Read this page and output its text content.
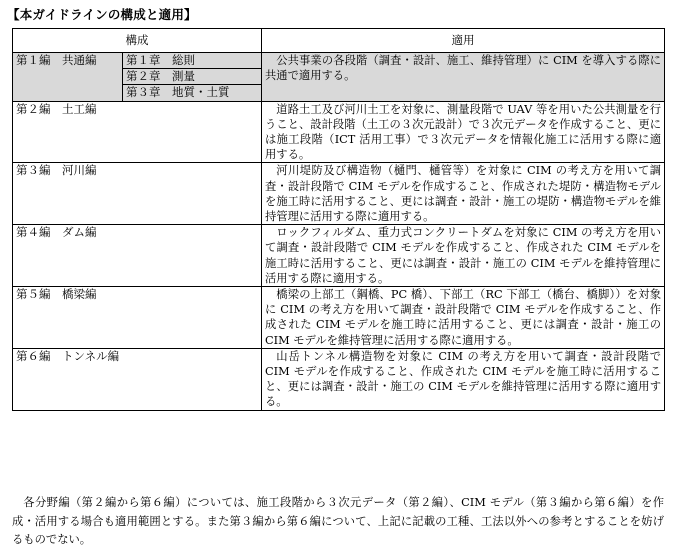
【本ガイドラインの構成と適用】
構成		適用
第１編　共通編	第１章　総則	公共事業の各段階（調査・設計、施工、維持管理）に CIM を導入する際に共通で適用する。
	第２章　測量	
	第３章　地質・土質	
第２編　土工編		道路土工及び河川土工を対象に、測量段階で UAV 等を用いた公共測量を行うこと、設計段階（土工の３次元設計）で３次元データを作成すること、更には施工段階（ICT 活用工事）で３次元データを情報化施工に活用する際に適用する。
第３編　河川編		河川堤防及び構造物（樋門、樋管等）を対象に CIM の考え方を用いて調査・設計段階で CIM モデルを作成すること、作成された堤防・構造物モデルを施工時に活用すること、更には調査・設計・施工の堤防・構造物モデルを維持管理に活用する際に適用する。
第４編　ダム編		ロックフィルダム、重力式コンクリートダムを対象に CIM の考え方を用いて調査・設計段階で CIM モデルを作成すること、作成された CIM モデルを施工時に活用すること、更には調査・設計・施工の CIM モデルを維持管理に活用する際に適用する。
第５編　橋梁編		橋梁の上部工（鋼橋、PC 橋）、下部工（RC 下部工（橋台、橋脚））を対象に CIM の考え方を用いて調査・設計段階で CIM モデルを作成すること、作成された CIM モデルを施工時に活用すること、更には調査・設計・施工の CIM モデルを維持管理に活用する際に適用する。
第６編　トンネル編		山岳トンネル構造物を対象に CIM の考え方を用いて調査・設計段階で CIM モデルを作成すること、作成された CIM モデルを施工時に活用すること、更には調査・設計・施工の CIM モデルを維持管理に活用する際に適用する。
各分野編（第２編から第６編）については、施工段階から３次元データ（第２編）、CIM モデル（第３編から第６編）を作成・活用する場合も適用範囲とする。また第３編から第６編について、上記に記載の工種、工法以外への参考とすることを妨げるものでない。
